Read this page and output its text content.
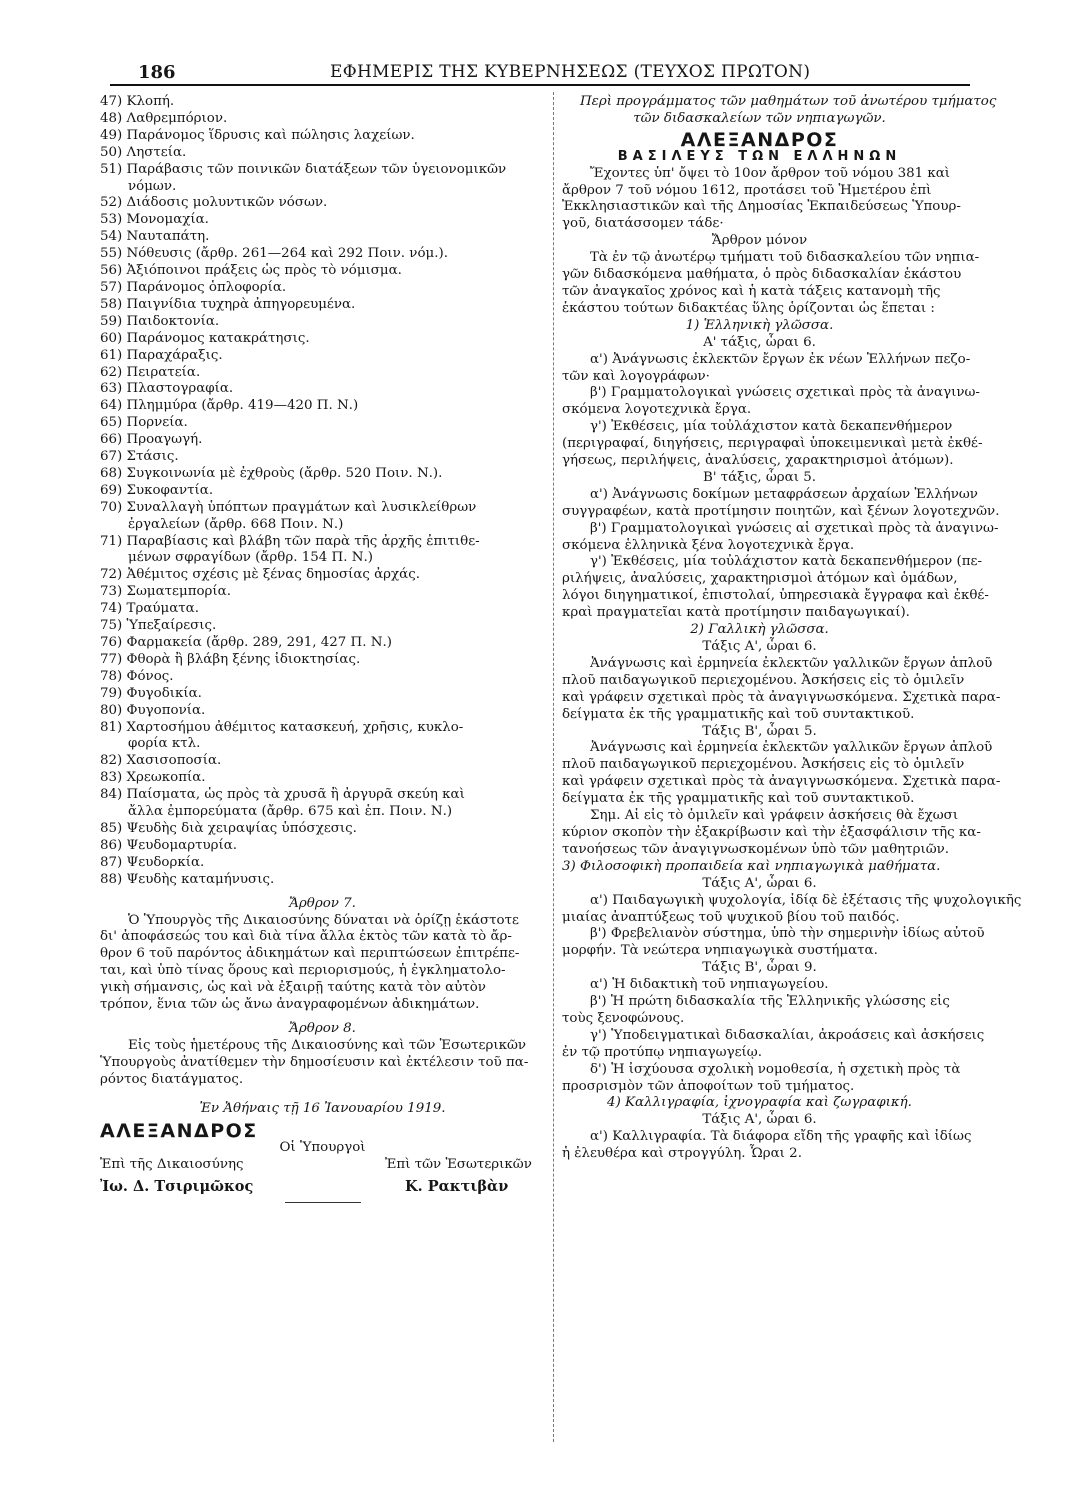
186	ΕΦΗΜΕΡΙΣ ΤΗΣ ΚΥΒΕΡΝΗΣΕΩΣ (ΤΕΥΧΟΣ ΠΡΩΤΟΝ)
47) Κλοπή.
48) Λαθρεμπόριον.
49) Παράνομος ἵδρυσις καὶ πώλησις λαχείων.
50) Ληστεία.
51) Παράβασις τῶν ποινικῶν διατάξεων τῶν ὑγειονομικῶν
νόμων.
52) Διάδοσις μολυντικῶν νόσων.
53) Μονομαχία.
54) Ναυταπάτη.
55) Νόθευσις (ἄρθρ. 261—264 καὶ 292 Ποιν. νόμ.).
56) Ἀξιόποινοι πράξεις ὡς πρὸς τὸ νόμισμα.
57) Παράνομος ὁπλοφορία.
58) Παιγνίδια τυχηρὰ ἀπηγορευμένα.
59) Παιδοκτονία.
60) Παράνομος κατακράτησις.
61) Παραχάραξις.
62) Πειρατεία.
63) Πλαστογραφία.
64) Πλημμύρα (ἄρθρ. 419—420 Π. Ν.)
65) Πορνεία.
66) Προαγωγή.
67) Στάσις.
68) Συγκοινωνία μὲ ἐχθροὺς (ἄρθρ. 520 Ποιν. Ν.).
69) Συκοφαντία.
70) Συναλλαγὴ ὑπόπτων πραγμάτων καὶ λυσικλείθρων
ἐργαλείων (ἄρθρ. 668 Ποιν. Ν.)
71) Παραβίασις καὶ βλάβη τῶν παρὰ τῆς ἀρχῆς ἐπιτιθε-
μένων σφραγίδων (ἄρθρ. 154 Π. Ν.)
72) Ἀθέμιτος σχέσις μὲ ξένας δημοσίας ἀρχάς.
73) Σωματεμπορία.
74) Τραύματα.
75) Ὑπεξαίρεσις.
76) Φαρμακεία (ἄρθρ. 289, 291, 427 Π. Ν.)
77) Φθορὰ ἢ βλάβη ξένης ἰδιοκτησίας.
78) Φόνος.
79) Φυγοδικία.
80) Φυγοπονία.
81) Χαρτοσήμου ἀθέμιτος κατασκευή, χρῆσις, κυκλο-
φορία κτλ.
82) Χασισοποσία.
83) Χρεωκοπία.
84) Παίσματα, ὡς πρὸς τὰ χρυσᾶ ἢ ἀργυρᾶ σκεύη καὶ
ἄλλα ἐμπορεύματα (ἄρθρ. 675 καὶ ἑπ. Ποιν. Ν.)
85) Ψευδὴς διὰ χειραψίας ὑπόσχεσις.
86) Ψευδομαρτυρία.
87) Ψευδορκία.
88) Ψευδὴς καταμήνυσις.
Ἄρθρον 7.
Ὁ Ὑπουργὸς τῆς Δικαιοσύνης δύναται νὰ ὁρίζῃ ἑκάστοτε
δι' ἀποφάσεώς του καὶ διὰ τίνα ἄλλα ἐκτὸς τῶν κατὰ τὸ ἄρ-
θρον 6 τοῦ παρόντος ἀδικημάτων καὶ περιπτώσεων ἐπιτρέπε-
ται, καὶ ὑπὸ τίνας ὅρους καὶ περιορισμούς, ἡ ἐγκληματολο-
γικὴ σήμανσις, ὡς καὶ νὰ ἐξαιρῇ ταύτης κατὰ τὸν αὐτὸν
τρόπον, ἕνια τῶν ὡς ἄνω ἀναγραφομένων ἀδικημάτων.
Ἄρθρον 8.
Εἰς τοὺς ἡμετέρους τῆς Δικαιοσύνης καὶ τῶν Ἐσωτερικῶν
Ὑπουργοὺς ἀνατίθεμεν τὴν δημοσίευσιν καὶ ἐκτέλεσιν τοῦ πα-
ρόντος διατάγματος.
Ἐν Ἀθήναις τῇ 16 Ἰανουαρίου 1919.
ΑΛΕΞΑΝΔΡΟΣ
Οἱ Ὑπουργοὶ
Ἐπὶ τῆς Δικαιοσύνης	Ἐπὶ τῶν Ἐσωτερικῶν
Ἰω. Δ. Τσιριμῶκος	Κ. Ρακτιβὰν
Περὶ προγράμματος τῶν μαθημάτων τοῦ ἀνωτέρου τμήματος
τῶν διδασκαλείων τῶν νηπιαγωγῶν.
ΑΛΕΞΑΝΔΡΟΣ
ΒΑΣΙΛΕΥΣ ΤΩΝ ΕΛΛΗΝΩΝ
Ἔχοντες ὑπ' ὄψει τὸ 10ον ἄρθρον τοῦ νόμου 381 καὶ
ἄρθρον 7 τοῦ νόμου 1612, προτάσει τοῦ Ἡμετέρου ἐπὶ
Ἐκκλησιαστικῶν καὶ τῆς Δημοσίας Ἐκπαιδεύσεως Ὑπουρ-
γοῦ, διατάσσομεν τάδε·
Ἄρθρον μόνον
Τὰ ἐν τῷ ἀνωτέρῳ τμήματι τοῦ διδασκαλείου τῶν νηπια-
γῶν διδασκόμενα μαθήματα, ὁ πρὸς διδασκαλίαν ἑκάστου
τῶν ἀναγκαῖος χρόνος καὶ ἡ κατὰ τάξεις κατανομὴ τῆς
ἑκάστου τούτων διδακτέας ὕλης ὁρίζονται ὡς ἕπεται :
1) Ἑλληνικὴ γλῶσσα.
Α' τάξις, ὧραι 6.
α') Ἀνάγνωσις ἐκλεκτῶν ἔργων ἐκ νέων Ἑλλήνων πεζο-
τῶν καὶ λογογράφων·
β') Γραμματολογικαὶ γνώσεις σχετικαὶ πρὸς τὰ ἀναγινω-
σκόμενα λογοτεχνικὰ ἔργα.
γ') Ἐκθέσεις, μία τοὐλάχιστον κατὰ δεκαπενθήμερον
(περιγραφαί, διηγήσεις, περιγραφαὶ ὑποκειμενικαὶ μετὰ ἐκθέ-
γήσεως, περιλήψεις, ἀναλύσεις, χαρακτηρισμοὶ ἀτόμων).
Β' τάξις, ὧραι 5.
α') Ἀνάγνωσις δοκίμων μεταφράσεων ἀρχαίων Ἑλλήνων
συγγραφέων, κατὰ προτίμησιν ποιητῶν, καὶ ξένων λογοτεχνῶν.
β') Γραμματολογικαὶ γνώσεις αἱ σχετικαὶ πρὸς τὰ ἀναγινω-
σκόμενα ἑλληνικὰ ξένα λογοτεχνικὰ ἔργα.
γ') Ἐκθέσεις, μία τοὐλάχιστον κατὰ δεκαπενθήμερον (πε-
ριλήψεις, ἀναλύσεις, χαρακτηρισμοὶ ἀτόμων καὶ ὁμάδων,
λόγοι διηγηματικοί, ἐπιστολαί, ὑπηρεσιακὰ ἔγγραφα καὶ ἐκθέ-
κραὶ πραγματεῖαι κατὰ προτίμησιν παιδαγωγικαί).
2) Γαλλικὴ γλῶσσα.
Τάξις Α', ὧραι 6.
Ἀνάγνωσις καὶ ἑρμηνεία ἐκλεκτῶν γαλλικῶν ἔργων ἁπλοῦ
πλοῦ παιδαγωγικοῦ περιεχομένου. Ἀσκήσεις εἰς τὸ ὁμιλεῖν
καὶ γράφειν σχετικαὶ πρὸς τὰ ἀναγιγνωσκόμενα. Σχετικὰ παρα-
δείγματα ἐκ τῆς γραμματικῆς καὶ τοῦ συντακτικοῦ.
Τάξις Β', ὧραι 5.
Ἀνάγνωσις καὶ ἑρμηνεία ἐκλεκτῶν γαλλικῶν ἔργων ἁπλοῦ
πλοῦ παιδαγωγικοῦ περιεχομένου. Ἀσκήσεις εἰς τὸ ὁμιλεῖν
καὶ γράφειν σχετικαὶ πρὸς τὰ ἀναγιγνωσκόμενα. Σχετικὰ παρα-
δείγματα ἐκ τῆς γραμματικῆς καὶ τοῦ συντακτικοῦ.
Σημ. Αἱ εἰς τὸ ὁμιλεῖν καὶ γράφειν ἀσκήσεις θὰ ἔχωσι
κύριον σκοπὸν τὴν ἐξακρίβωσιν καὶ τὴν ἐξασφάλισιν τῆς κα-
τανοήσεως τῶν ἀναγιγνωσκομένων ὑπὸ τῶν μαθητριῶν.
3) Φιλοσοφικὴ προπαιδεία καὶ νηπιαγωγικὰ μαθήματα.
Τάξις Α', ὧραι 6.
α') Παιδαγωγικὴ ψυχολογία, ἰδίᾳ δὲ ἐξέτασις τῆς ψυχολογικῆς
μιαίας ἀναπτύξεως τοῦ ψυχικοῦ βίου τοῦ παιδός.
β') Φρεβελιανὸν σύστημα, ὑπὸ τὴν σημερινὴν ἰδίως αὐτοῦ
μορφήν. Τὰ νεώτερα νηπιαγωγικὰ συστήματα.
Τάξις Β', ὧραι 9.
α') Ἡ διδακτικὴ τοῦ νηπιαγωγείου.
β') Ἡ πρώτη διδασκαλία τῆς Ἑλληνικῆς γλώσσης εἰς
τοὺς ξενοφώνους.
γ') Ὑποδειγματικαὶ διδασκαλίαι, ἀκροάσεις καὶ ἀσκήσεις
ἐν τῷ προτύπῳ νηπιαγωγείῳ.
δ') Ἡ ἰσχύουσα σχολικὴ νομοθεσία, ἡ σχετικὴ πρὸς τὰ
προσρισμὸν τῶν ἀποφοίτων τοῦ τμήματος.
4) Καλλιγραφία, ἰχνογραφία καὶ ζωγραφική.
Τάξις Α', ὧραι 6.
α') Καλλιγραφία. Τὰ διάφορα εἴδη τῆς γραφῆς καὶ ἰδίως
ἡ ἐλευθέρα καὶ στρογγύλη. Ὧραι 2.
